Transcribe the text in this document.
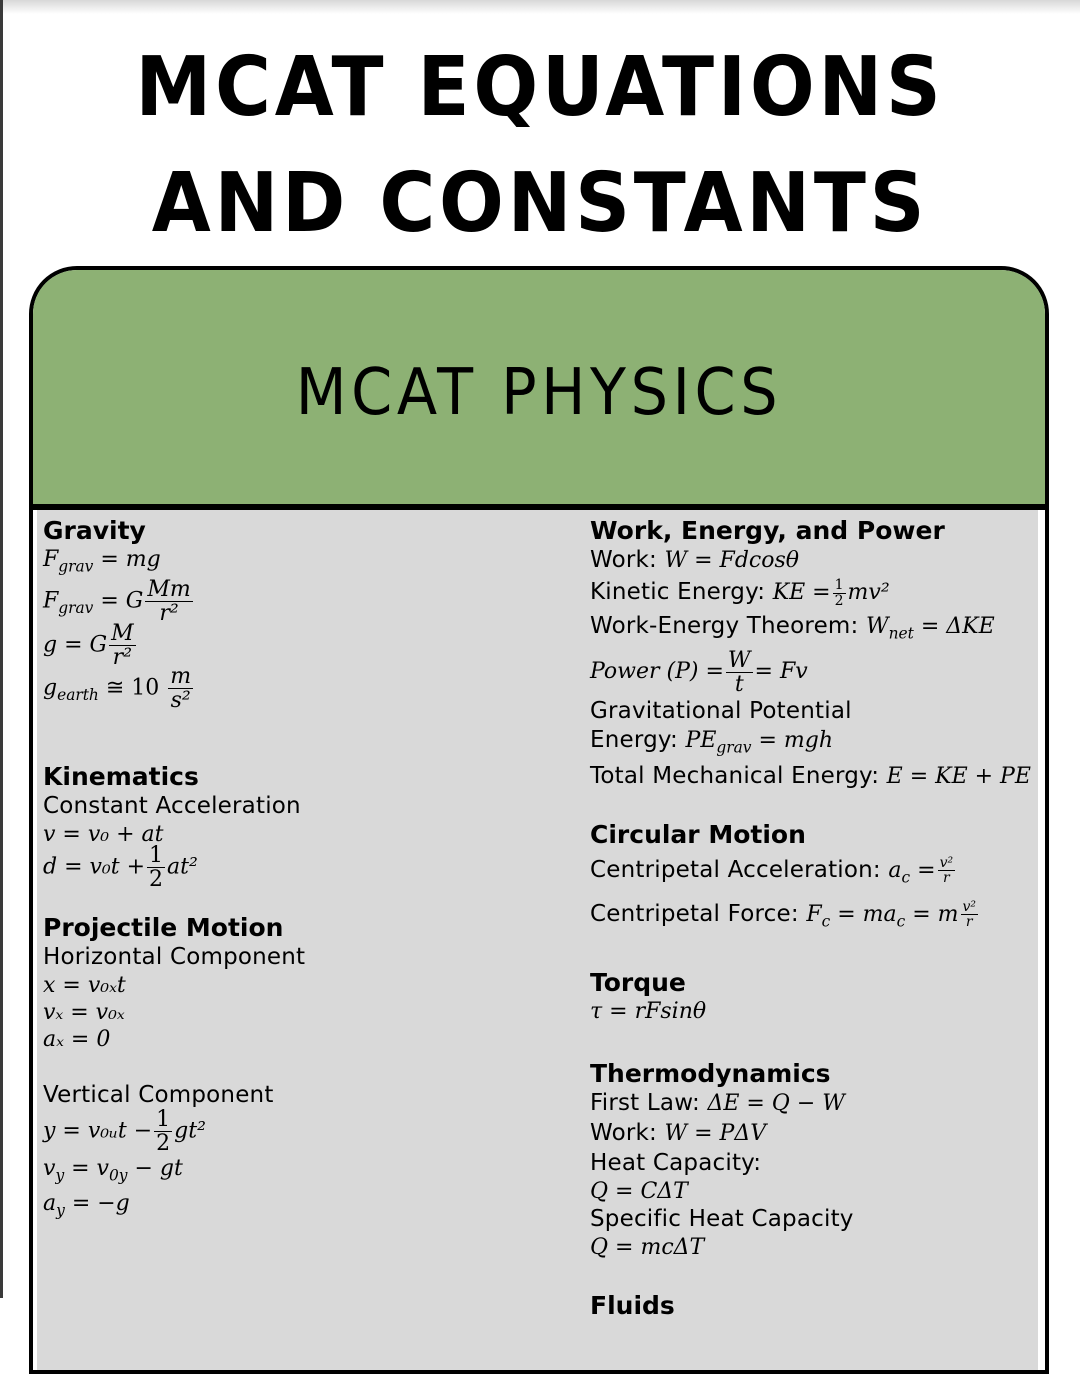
MCAT EQUATIONS
AND CONSTANTS
MCAT PHYSICS
Gravity
$F_{grav}$ = mg
$F_{grav} = G \frac{Mm}{\text{r²}}$
g = G $\frac{M}{\text{r²}}$
$g_{earth}$ ≅ $10 \frac{m}{\text{s²}}$
Kinematics
Constant Acceleration
v = v₀ + at
$d = v_0t + \frac{1}{2} at^2$
Projectile Motion
Horizontal Component
x = v₀ₓt
vₓ = v₀ₓ
aₓ = 0
Vertical Component
y = v₀ᵤt − $\frac{1}{2} gt^2$
$v_y = v_{0y}$ − gt
$a_y = -g$
Work, Energy, and Power
Work: W = Fdcosθ
Kinetic Energy: KE = $\frac{1}{2} mv^2$
Work-Energy Theorem: $W_{net} = \Delta KE$
Power $(P) = \frac{W}{t} = Fv$
Gravitational Potential
Energy: $PE_{grav}$ = mgh
Total Mechanical Energy: E = KE + PE
Circular Motion
Centripetal Acceleration: $a_c = \frac{\text{v²}}{r}$
Centripetal Force: $F_c = ma_c = m \frac{\text{v²}}{r}$
Torque
τ = rFsinθ
Thermodynamics
First Law: ΔE = Q − W
Work: W = PΔV
Heat Capacity:
Q = CΔT
Specific Heat Capacity
Q = mcΔT
Fluids
